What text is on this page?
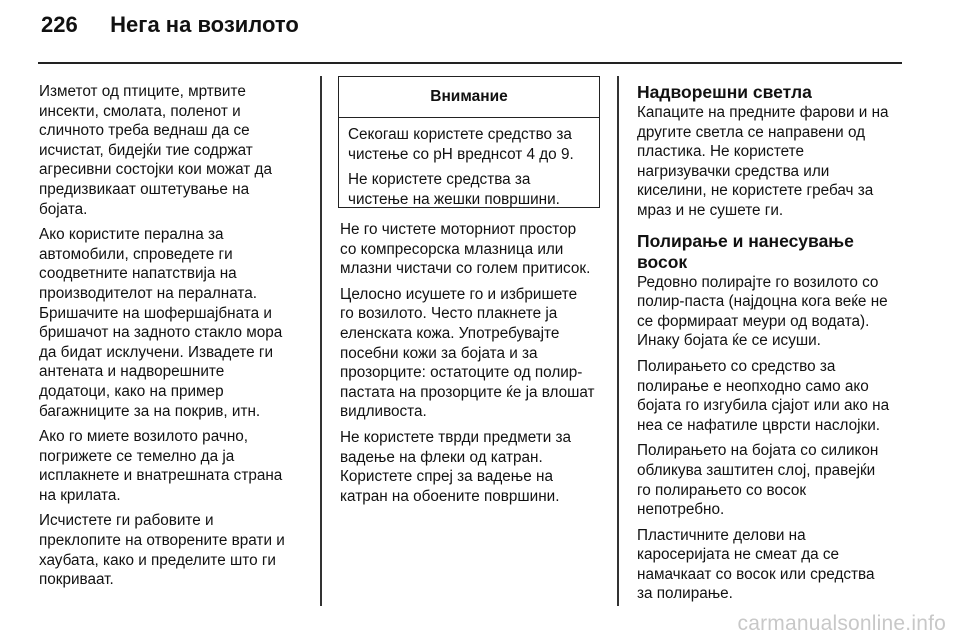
226 Нега на возилото

Изметот од птиците, мртвите
инсекти, смолата, поленот и
сличното треба веднаш да се
исчистат, бидејќи тие содржат
агресивни состојки кои можат да
предизвикаат оштетување на
бојата.

Ако користите перална за
автомобили, спроведете ги
соодветните напатствија на
производителот на пералната.
Бришачите на шофершајбната и
бришачот на задното стакло мора
да бидат исклучени. Извадете ги
антената и надворешните
додатоци, како на пример
багажниците за на покрив, итн.

Ако го миете возилото рачно,
погрижете се темелно да ја
исплакнете и внатрешната страна
на крилата.

Исчистете ги рабовите и
преклопите на отворените врати и
хаубата, како и пределите што ги
покриваат.

Внимание

Секогаш користете средство за
чистење со pH вреднсот 4 до 9.

Не користете средства за
чистење на жешки површини.

Не го чистете моторниот простор
со компресорска млазница или
млазни чистачи со голем притисок.

Целосно исушете го и избришете
го возилото. Често плакнете ја
еленската кожа. Употребувајте
посебни кожи за бојата и за
прозорците: остатоците од полир-
пастата на прозорците ќе ја влошат
видливоста.

Не користете тврди предмети за
вадење на флеки од катран.
Користете спреј за вадење на
катран на обоените површини.

Надворешни светла

Капаците на предните фарови и на
другите светла се направени од
пластика. Не користете
нагризувачки средства или
киселини, не користете гребач за
мраз и не сушете ги.

Полирање и нанесување
восок

Редовно полирајте го возилото со
полир-паста (најдоцна кога веќе не
се формираат меури од водата).
Инаку бојата ќе се исуши.

Полирањето со средство за
полирање е неопходно само ако
бојата го изгубила сјајот или ако на
неа се нафатиле цврсти наслојки.

Полирањето на бојата со силикон
обликува заштитен слој, правејќи
го полирањето со восок
непотребно.

Пластичните делови на
каросеријата не смеат да се
намачкаат со восок или средства
за полирање.

carmanualsonline.info
